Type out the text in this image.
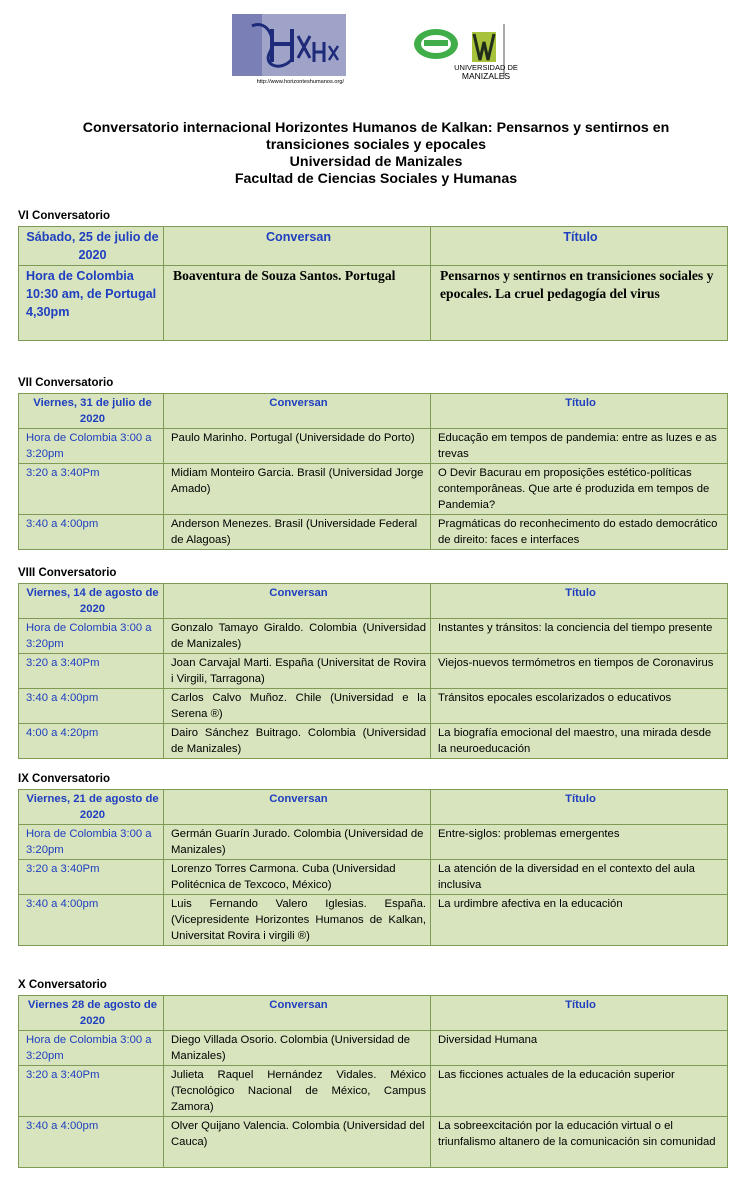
http://www.horizonteshumanos.org/
UNIVERSIDAD DE
MANIZALES
Conversatorio internacional Horizontes Humanos de Kalkan: Pensarnos y sentirnos en
transiciones sociales y epocales
Universidad de Manizales
Facultad de Ciencias Sociales y Humanas
VI Conversatorio
Sábado, 25 de julio de 2020	Conversan	Título
Hora de Colombia 10:30 am, de Portugal 4,30pm	Boaventura de Souza Santos. Portugal	Pensarnos y sentirnos en transiciones sociales y epocales. La cruel pedagogía del virus
VII Conversatorio
Viernes, 31 de julio de 2020	Conversan	Título
Hora de Colombia 3:00 a 3:20pm	Paulo Marinho. Portugal (Universidade do Porto)	Educação em tempos de pandemia: entre as luzes e as trevas
3:20 a 3:40Pm	Midiam Monteiro Garcia. Brasil (Universidad Jorge Amado)	O Devir Bacurau em proposições estético-políticas contemporâneas. Que arte é produzida em tempos de Pandemia?
3:40 a 4:00pm	Anderson Menezes. Brasil (Universidade Federal de Alagoas)	Pragmáticas do reconhecimento do estado democrático de direito: faces e interfaces
VIII Conversatorio
Viernes, 14 de agosto de 2020	Conversan	Título
Hora de Colombia 3:00 a 3:20pm	Gonzalo Tamayo Giraldo. Colombia (Universidad de Manizales)	Instantes y tránsitos: la conciencia del tiempo presente
3:20 a 3:40Pm	Joan Carvajal Marti. España (Universitat de Rovira i Virgili, Tarragona)	Viejos-nuevos termómetros en tiempos de Coronavirus
3:40 a 4:00pm	Carlos Calvo Muñoz. Chile (Universidad e la Serena ®)	Tránsitos epocales escolarizados o educativos
4:00 a 4:20pm	Dairo Sánchez Buitrago. Colombia (Universidad de Manizales)	La biografía emocional del maestro, una mirada desde la neuroeducación
IX Conversatorio
Viernes, 21 de agosto de 2020	Conversan	Título
Hora de Colombia 3:00 a 3:20pm	Germán Guarín Jurado. Colombia (Universidad de Manizales)	Entre-siglos: problemas emergentes
3:20 a 3:40Pm	Lorenzo Torres Carmona. Cuba (Universidad Politécnica de Texcoco, México)	La atención de la diversidad en el contexto del aula inclusiva
3:40 a 4:00pm	Luis Fernando Valero Iglesias. España. (Vicepresidente Horizontes Humanos de Kalkan, Universitat Rovira i virgili ®)	La urdimbre afectiva en la educación
X Conversatorio
Viernes 28 de agosto de 2020	Conversan	Título
Hora de Colombia 3:00 a 3:20pm	Diego Villada Osorio. Colombia (Universidad de Manizales)	Diversidad Humana
3:20 a 3:40Pm	Julieta Raquel Hernández Vidales. México (Tecnológico Nacional de México, Campus Zamora)	Las ficciones actuales de la educación superior
3:40 a 4:00pm	Olver Quijano Valencia. Colombia (Universidad del Cauca)	La sobreexcitación por la educación virtual o el triunfalismo altanero de la comunicación sin comunidad
